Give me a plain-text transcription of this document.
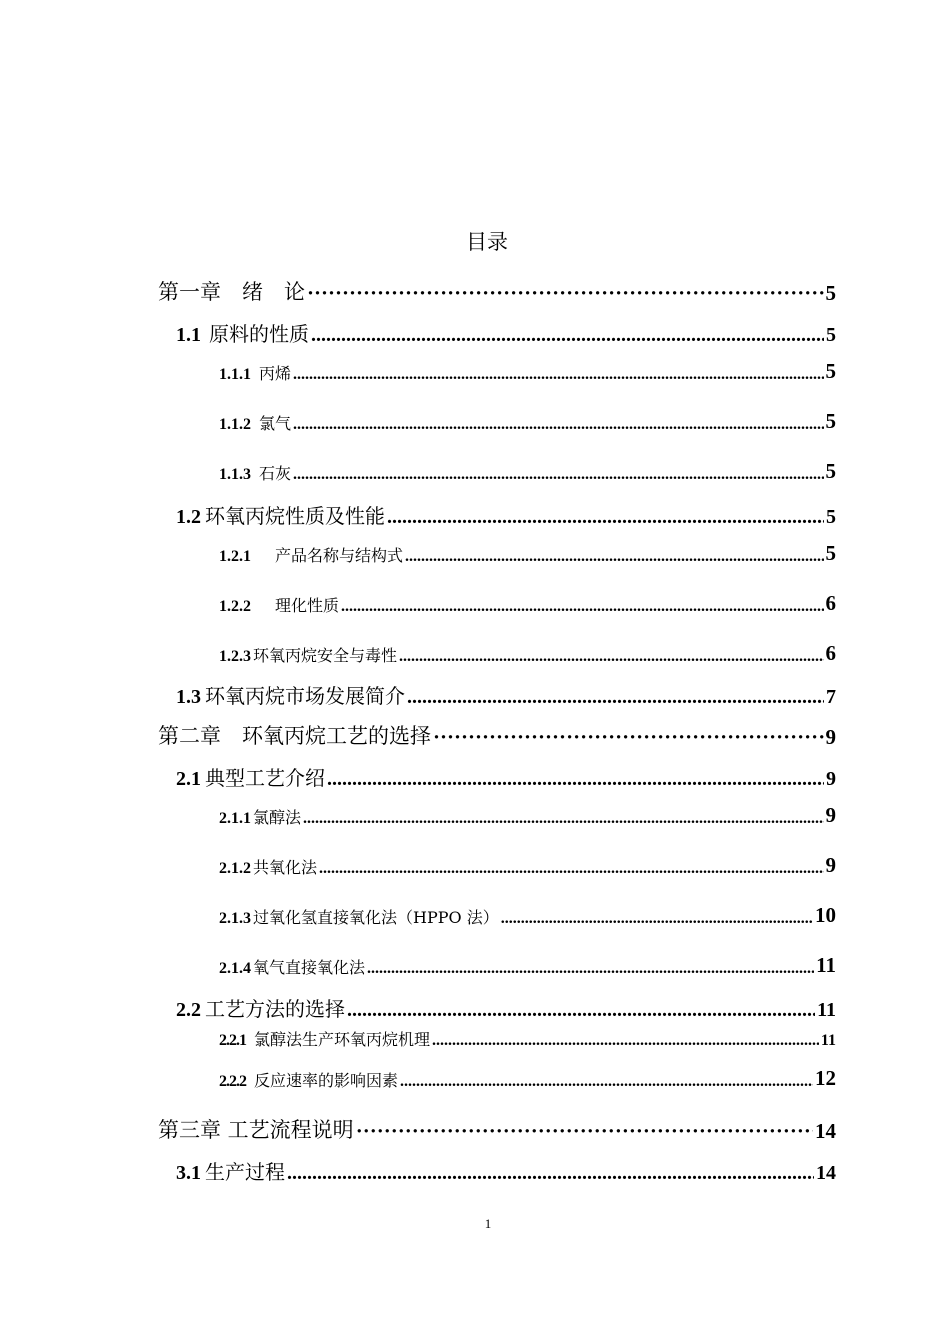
目录
第一章　绪　论 ·····	5
1.1 原料的性质 .....	5
1.1.1 丙烯 .....	5
1.1.2 氯气 .....	5
1.1.3 石灰 .....	5
1.2 环氧丙烷性质及性能 .....	5
1.2.1 　产品名称与结构式 .....	5
1.2.2 　理化性质 .....	6
1.2.3 环氧丙烷安全与毒性 .....	6
1.3 环氧丙烷市场发展简介 .....	7
第二章　环氧丙烷工艺的选择 ·····	9
2.1 典型工艺介绍 .....	9
2.1.1 氯醇法 .....	9
2.1.2 共氧化法 .....	9
2.1.3 过氧化氢直接氧化法（HPPO 法） .....	10
2.1.4 氧气直接氧化法 .....	11
2.2 工艺方法的选择 .....	11
2.2.1 氯醇法生产环氧丙烷机理 .....	11
2.2.2 反应速率的影响因素 .....	12
第三章 工艺流程说明 ·····	14
3.1 生产过程 .....	14
1
